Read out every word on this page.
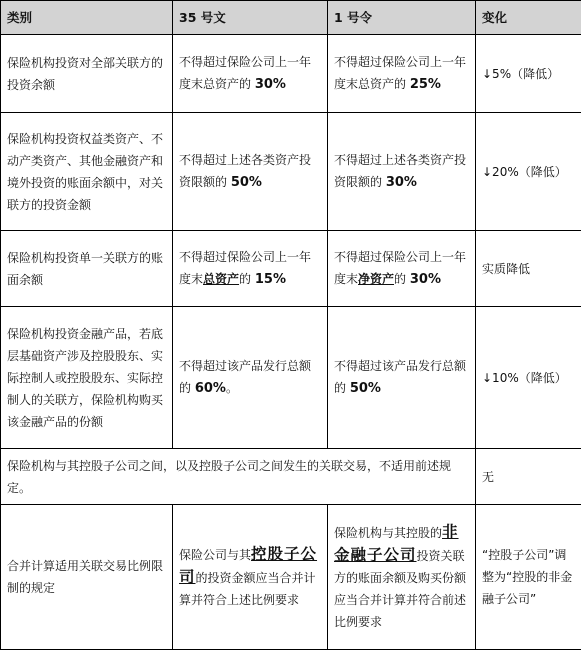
类别	35 号文	1 号令	变化
保险机构投资对全部关联方的投资余额	不得超过保险公司上一年度末总资产的 30%	不得超过保险公司上一年度末总资产的 25%	↓5%（降低）
保险机构投资权益类资产、不动产类资产、其他金融资产和境外投资的账面余额中，对关联方的投资金额	不得超过上述各类资产投资限额的 50%	不得超过上述各类资产投资限额的 30%	↓20%（降低）
保险机构投资单一关联方的账面余额	不得超过保险公司上一年度末总资产的 15%	不得超过保险公司上一年度末净资产的 30%	实质降低
保险机构投资金融产品，若底层基础资产涉及控股股东、实际控制人或控股股东、实际控制人的关联方，保险机构购买该金融产品的份额	不得超过该产品发行总额的 60%。	不得超过该产品发行总额的 50%	↓10%（降低）
保险机构与其控股子公司之间，以及控股子公司之间发生的关联交易，不适用前述规定。			无
合并计算适用关联交易比例限制的规定	保险公司与其控股子公司的投资金额应当合并计算并符合上述比例要求	保险机构与其控股的非金融子公司投资关联方的账面余额及购买份额应当合并计算并符合前述比例要求	“控股子公司”调整为“控股的非金融子公司”
